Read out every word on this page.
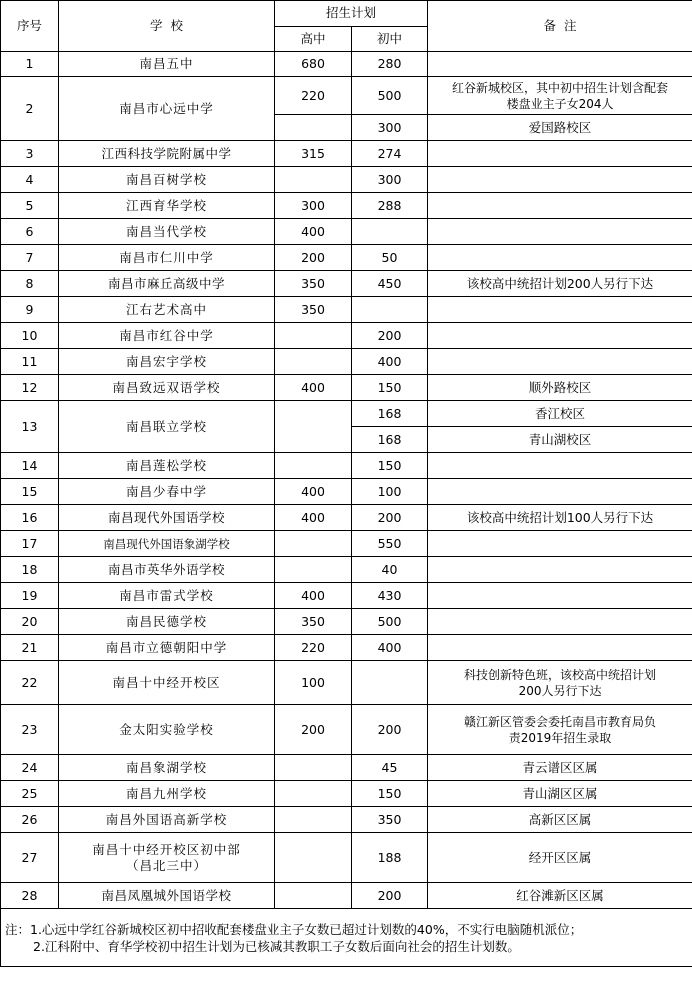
序号	学  校	招生计划		备  注
		高中	初中	
1	南昌五中	680	280	
2	南昌市心远中学	220	500	红谷新城校区，其中初中招生计划含配套
楼盘业主子女204人

			300	爱国路校区
3	江西科技学院附属中学	315	274	
4	南昌百树学校		300	
5	江西育华学校	300	288	
6	南昌当代学校	400		
7	南昌市仁川中学	200	50	
8	南昌市麻丘高级中学	350	450	该校高中统招计划200人另行下达
9	江右艺术高中	350		
10	南昌市红谷中学		200	
11	南昌宏宇学校		400	
12	南昌致远双语学校	400	150	顺外路校区
13	南昌联立学校		168	香江校区
			168	青山湖校区
14	南昌莲松学校		150	
15	南昌少春中学	400	100	
16	南昌现代外国语学校	400	200	该校高中统招计划100人另行下达
17	南昌现代外国语象湖学校		550	
18	南昌市英华外语学校		40	
19	南昌市雷式学校	400	430	
20	南昌民德学校	350	500	
21	南昌市立德朝阳中学	220	400	
22	南昌十中经开校区	100		科技创新特色班，该校高中统招计划
200人另行下达

23	金太阳实验学校	200	200	赣江新区管委会委托南昌市教育局负
责2019年招生录取

24	南昌象湖学校		45	青云谱区区属
25	南昌九州学校		150	青山湖区区属
26	南昌外国语高新学校		350	高新区区属
27	南昌十中经开校区初中部
（昌北三中）		188	经开区区属
28	南昌凤凰城外国语学校		200	红谷滩新区区属

注：1.心远中学红谷新城校区初中招收配套楼盘业主子女数已超过计划数的40%，不实行电脑随机派位；
2.江科附中、育华学校初中招生计划为已核减其教职工子女数后面向社会的招生计划数。				
